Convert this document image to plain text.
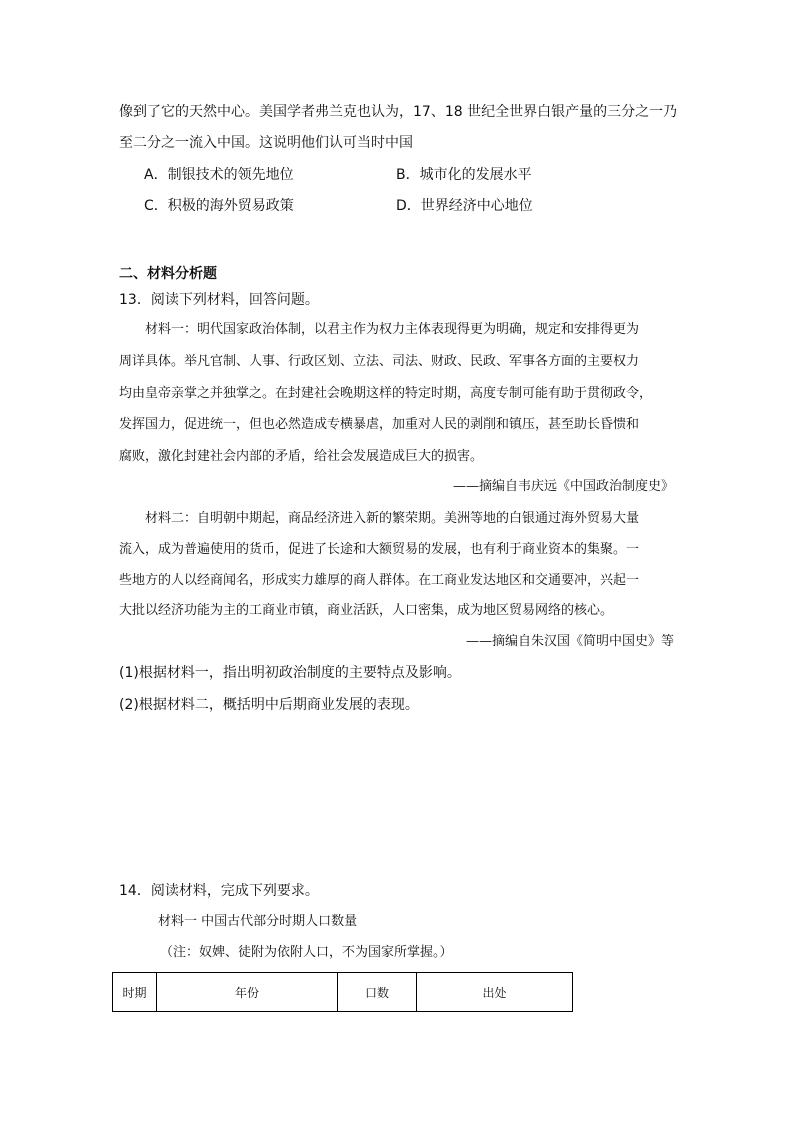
像到了它的天然中心。美国学者弗兰克也认为，17、18 世纪全世界白银产量的三分之一乃
至二分之一流入中国。这说明他们认可当时中国
A．制银技术的领先地位	B．城市化的发展水平
C．积极的海外贸易政策	D．世界经济中心地位
二、材料分析题
13．阅读下列材料，回答问题。
材料一：明代国家政治体制，以君主作为权力主体表现得更为明确，规定和安排得更为
周详具体。举凡官制、人事、行政区划、立法、司法、财政、民政、军事各方面的主要权力
均由皇帝亲掌之并独掌之。在封建社会晚期这样的特定时期，高度专制可能有助于贯彻政令，
发挥国力，促进统一，但也必然造成专横暴虐，加重对人民的剥削和镇压，甚至助长昏愦和
腐败，激化封建社会内部的矛盾，给社会发展造成巨大的损害。
——摘编自韦庆远《中国政治制度史》
材料二：自明朝中期起，商品经济进入新的繁荣期。美洲等地的白银通过海外贸易大量
流入，成为普遍使用的货币，促进了长途和大额贸易的发展，也有利于商业资本的集聚。一
些地方的人以经商闻名，形成实力雄厚的商人群体。在工商业发达地区和交通要冲，兴起一
大批以经济功能为主的工商业市镇，商业活跃，人口密集，成为地区贸易网络的核心。
——摘编自朱汉国《简明中国史》等
(1)根据材料一，指出明初政治制度的主要特点及影响。
(2)根据材料二，概括明中后期商业发展的表现。
14．阅读材料，完成下列要求。
材料一 中国古代部分时期人口数量
（注：奴婢、徒附为依附人口，不为国家所掌握。）
时期	年份	口数	出处
